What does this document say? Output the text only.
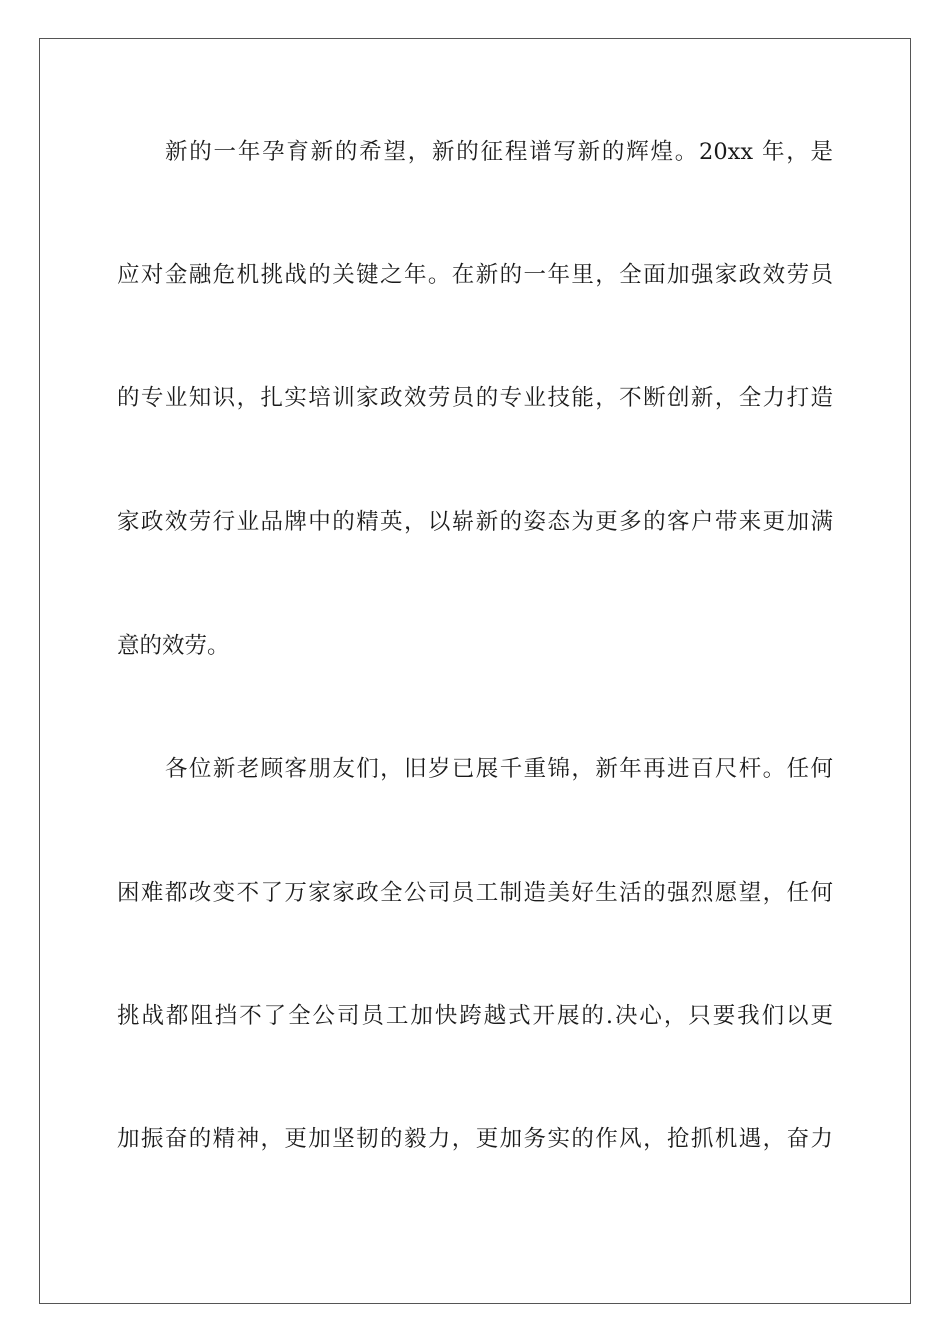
新的一年孕育新的希望，新的征程谱写新的辉煌。20xx 年，是
应对金融危机挑战的关键之年。在新的一年里，全面加强家政效劳员
的专业知识，扎实培训家政效劳员的专业技能，不断创新，全力打造
家政效劳行业品牌中的精英，以崭新的姿态为更多的客户带来更加满
意的效劳。
各位新老顾客朋友们，旧岁已展千重锦，新年再进百尺杆。任何
困难都改变不了万家家政全公司员工制造美好生活的强烈愿望，任何
挑战都阻挡不了全公司员工加快跨越式开展的.决心，只要我们以更
加振奋的精神，更加坚韧的毅力，更加务实的作风，抢抓机遇，奋力
